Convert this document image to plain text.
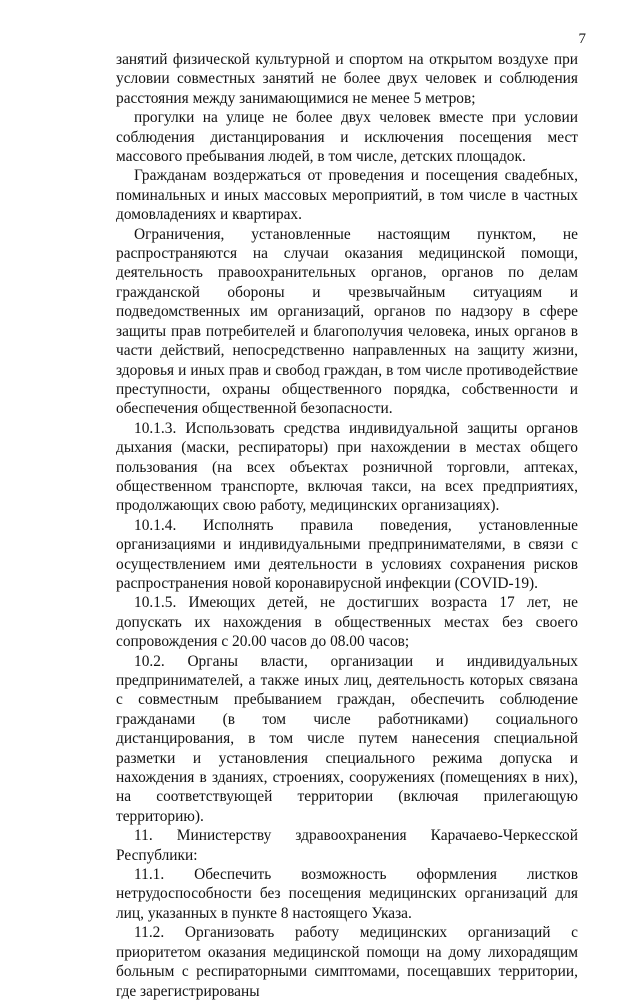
7

занятий физической культурной и спортом на открытом воздухе при условии совместных занятий не более двух человек и соблюдения расстояния между занимающимися не менее 5 метров;

прогулки на улице не более двух человек вместе при условии соблюдения дистанцирования и исключения посещения мест массового пребывания людей, в том числе, детских площадок.

Гражданам воздержаться от проведения и посещения свадебных, поминальных и иных массовых мероприятий, в том числе в частных домовладениях и квартирах.

Ограничения, установленные настоящим пунктом, не распространяются на случаи оказания медицинской помощи, деятельность правоохранительных органов, органов по делам гражданской обороны и чрезвычайным ситуациям и подведомственных им организаций, органов по надзору в сфере защиты прав потребителей и благополучия человека, иных органов в части действий, непосредственно направленных на защиту жизни, здоровья и иных прав и свобод граждан, в том числе противодействие преступности, охраны общественного порядка, собственности и обеспечения общественной безопасности.

10.1.3. Использовать средства индивидуальной защиты органов дыхания (маски, респираторы) при нахождении в местах общего пользования (на всех объектах розничной торговли, аптеках, общественном транспорте, включая такси, на всех предприятиях, продолжающих свою работу, медицинских организациях).

10.1.4. Исполнять правила поведения, установленные организациями и индивидуальными предпринимателями, в связи с осуществлением ими деятельности в условиях сохранения рисков распространения новой коронавирусной инфекции (COVID-19).

10.1.5. Имеющих детей, не достигших возраста 17 лет, не допускать их нахождения в общественных местах без своего сопровождения с 20.00 часов до 08.00 часов;

10.2. Органы власти, организации и индивидуальных предпринимателей, а также иных лиц, деятельность которых связана с совместным пребыванием граждан, обеспечить соблюдение гражданами (в том числе работниками) социального дистанцирования, в том числе путем нанесения специальной разметки и установления специального режима допуска и нахождения в зданиях, строениях, сооружениях (помещениях в них), на соответствующей территории (включая прилегающую территорию).

11. Министерству здравоохранения Карачаево-Черкесской Республики:

11.1. Обеспечить возможность оформления листков нетрудоспособности без посещения медицинских организаций для лиц, указанных в пункте 8 настоящего Указа.

11.2. Организовать работу медицинских организаций с приоритетом оказания медицинской помощи на дому лихорадящим больным с респираторными симптомами, посещавших территории, где зарегистрированы
